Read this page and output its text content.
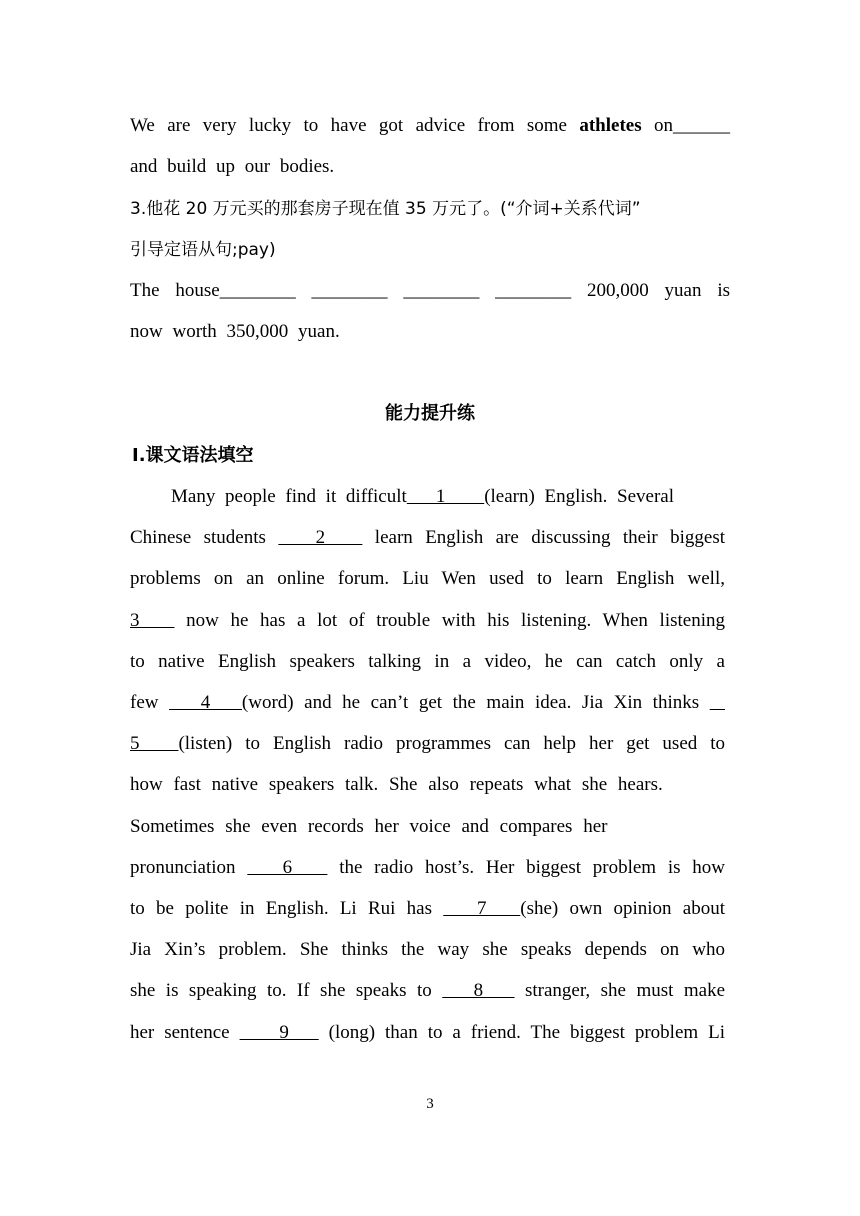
We are very lucky to have got advice from some athletes on______
and build up our bodies.
3.他花 20 万元买的那套房子现在值 35 万元了。(“介词+关系代词”
引导定语从句;pay)
The house________ ________ ________ ________ 200,000 yuan is
now worth 350,000 yuan.
能力提升练
Ⅰ.课文语法填空
Many people find it difficult   1    (learn) English. Several
Chinese students    2    learn English are discussing their biggest
problems on an online forum. Liu Wen used to learn English well,
3    now he has a lot of trouble with his listening. When listening
to native English speakers talking in a video, he can catch only a
few    4   (word) and he can’t get the main idea. Jia Xin thinks
5   (listen) to English radio programmes can help her get used to
how fast native speakers talk. She also repeats what she hears.
Sometimes she even records her voice and compares her
pronunciation    6    the radio host’s. Her biggest problem is how
to be polite in English. Li Rui has    7   (she) own opinion about
Jia Xin’s problem. She thinks the way she speaks depends on who
she is speaking to. If she speaks to    8    stranger, she must make
her sentence     9    (long) than to a friend. The biggest problem Li
3
